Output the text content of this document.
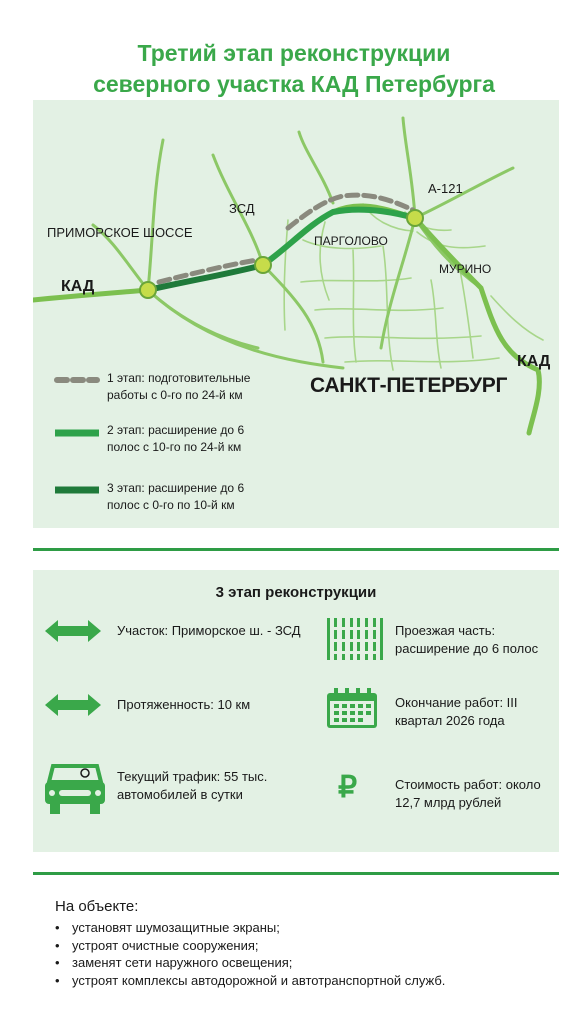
Третий этап реконструкции
северного участка КАД Петербурга
ПРИМОРСКОЕ ШОССЕ
ЗСД
А-121
ПАРГОЛОВО
МУРИНО
КАД
КАД
САНКТ-ПЕТЕРБУРГ
1 этап: подготовительные работы с 0-го по 24-й км
2 этап: расширение до 6 полос с 10-го по 24-й км
3 этап: расширение до 6 полос с 0-го по 10-й км
3 этап реконструкции
Участок: Приморское ш. - ЗСД	Проезжая часть: расширение до 6 полос
Протяженность: 10 км	Окончание работ: III квартал 2026 года
Текущий трафик: 55 тыс. автомобилей в сутки	₽	Стоимость работ: около 12,7 млрд рублей
На объекте:
• установят шумозащитные экраны;
• устроят очистные сооружения;
• заменят сети наружного освещения;
• устроят комплексы автодорожной и автотранспортной служб.
